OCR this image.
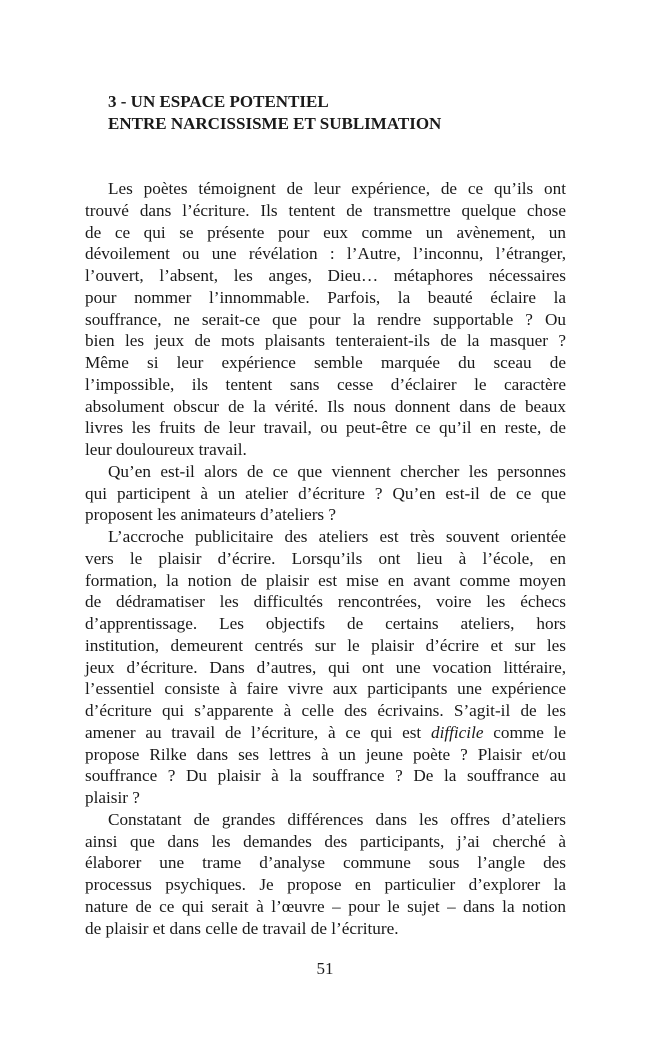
3 - UN ESPACE POTENTIEL
ENTRE NARCISSISME ET SUBLIMATION
Les poètes témoignent de leur expérience, de ce qu’ils ont
trouvé dans l’écriture. Ils tentent de transmettre quelque chose
de ce qui se présente pour eux comme un avènement, un
dévoilement ou une révélation : l’Autre, l’inconnu, l’étranger,
l’ouvert, l’absent, les anges, Dieu… métaphores nécessaires
pour nommer l’innommable. Parfois, la beauté éclaire la
souffrance, ne serait-ce que pour la rendre supportable ? Ou
bien les jeux de mots plaisants tenteraient-ils de la masquer ?
Même si leur expérience semble marquée du sceau de
l’impossible, ils tentent sans cesse d’éclairer le caractère
absolument obscur de la vérité. Ils nous donnent dans de beaux
livres les fruits de leur travail, ou peut-être ce qu’il en reste, de
leur douloureux travail.
Qu’en est-il alors de ce que viennent chercher les personnes
qui participent à un atelier d’écriture ? Qu’en est-il de ce que
proposent les animateurs d’ateliers ?
L’accroche publicitaire des ateliers est très souvent orientée
vers le plaisir d’écrire. Lorsqu’ils ont lieu à l’école, en
formation, la notion de plaisir est mise en avant comme moyen
de dédramatiser les difficultés rencontrées, voire les échecs
d’apprentissage. Les objectifs de certains ateliers, hors
institution, demeurent centrés sur le plaisir d’écrire et sur les
jeux d’écriture. Dans d’autres, qui ont une vocation littéraire,
l’essentiel consiste à faire vivre aux participants une expérience
d’écriture qui s’apparente à celle des écrivains. S’agit-il de les
amener au travail de l’écriture, à ce qui est difficile comme le
propose Rilke dans ses lettres à un jeune poète ? Plaisir et/ou
souffrance ? Du plaisir à la souffrance ? De la souffrance au
plaisir ?
Constatant de grandes différences dans les offres d’ateliers
ainsi que dans les demandes des participants, j’ai cherché à
élaborer une trame d’analyse commune sous l’angle des
processus psychiques. Je propose en particulier d’explorer la
nature de ce qui serait à l’œuvre – pour le sujet – dans la notion
de plaisir et dans celle de travail de l’écriture.
51
